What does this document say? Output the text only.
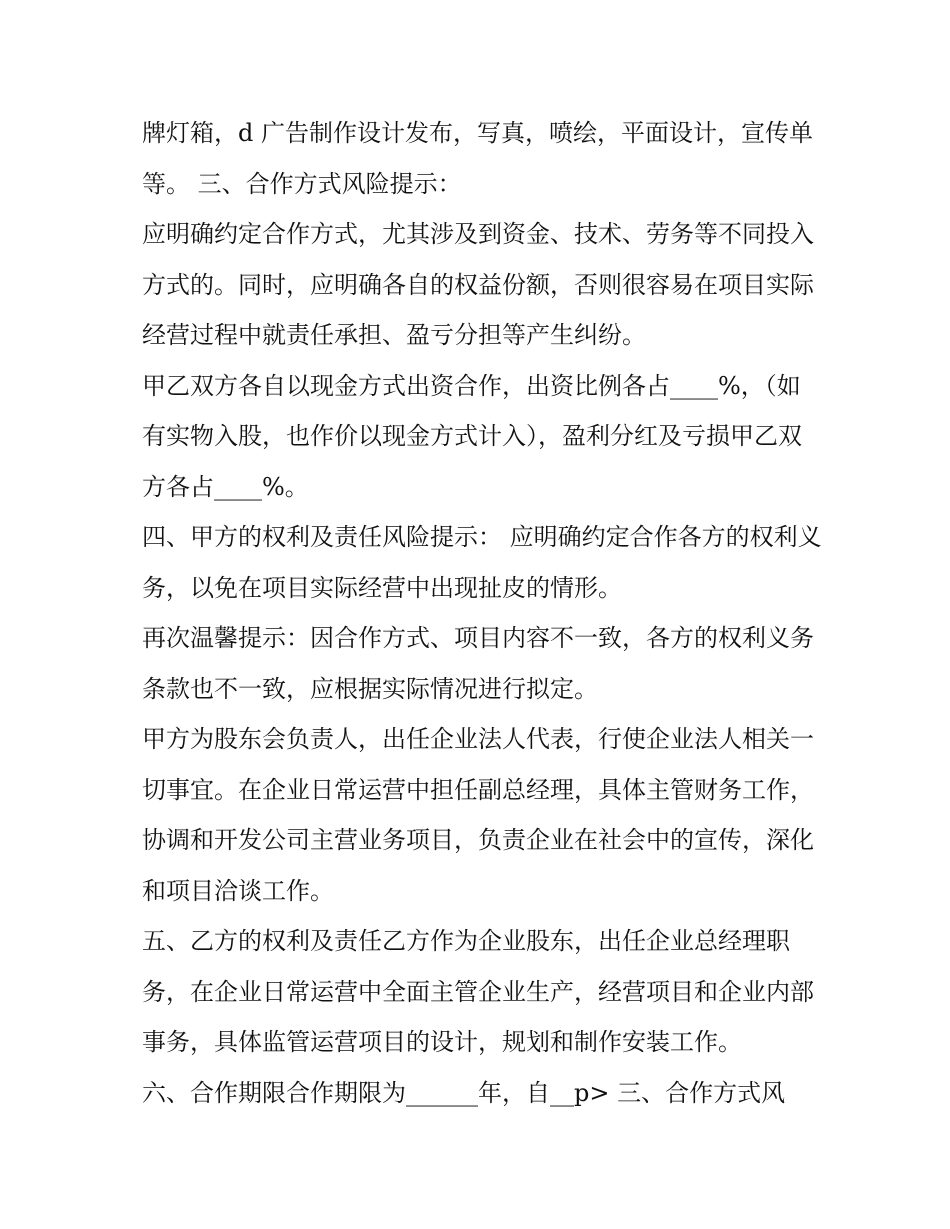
牌灯箱，d 广告制作设计发布，写真，喷绘，平面设计，宣传单等。 三、合作方式风险提示：

应明确约定合作方式，尤其涉及到资金、技术、劳务等不同投入方式的。同时，应明确各自的权益份额，否则很容易在项目实际经营过程中就责任承担、盈亏分担等产生纠纷。

甲乙双方各自以现金方式出资合作，出资比例各占____%，（如有实物入股，也作价以现金方式计入），盈利分红及亏损甲乙双方各占____%。

四、甲方的权利及责任风险提示： 应明确约定合作各方的权利义务，以免在项目实际经营中出现扯皮的情形。

再次温馨提示：因合作方式、项目内容不一致，各方的权利义务条款也不一致，应根据实际情况进行拟定。

甲方为股东会负责人，出任企业法人代表，行使企业法人相关一切事宜。在企业日常运营中担任副总经理，具体主管财务工作，协调和开发公司主营业务项目，负责企业在社会中的宣传，深化和项目洽谈工作。

五、乙方的权利及责任乙方作为企业股东，出任企业总经理职务，在企业日常运营中全面主管企业生产，经营项目和企业内部事务，具体监管运营项目的设计，规划和制作安装工作。

六、合作期限合作期限为______年，自__p> 三、合作方式风
